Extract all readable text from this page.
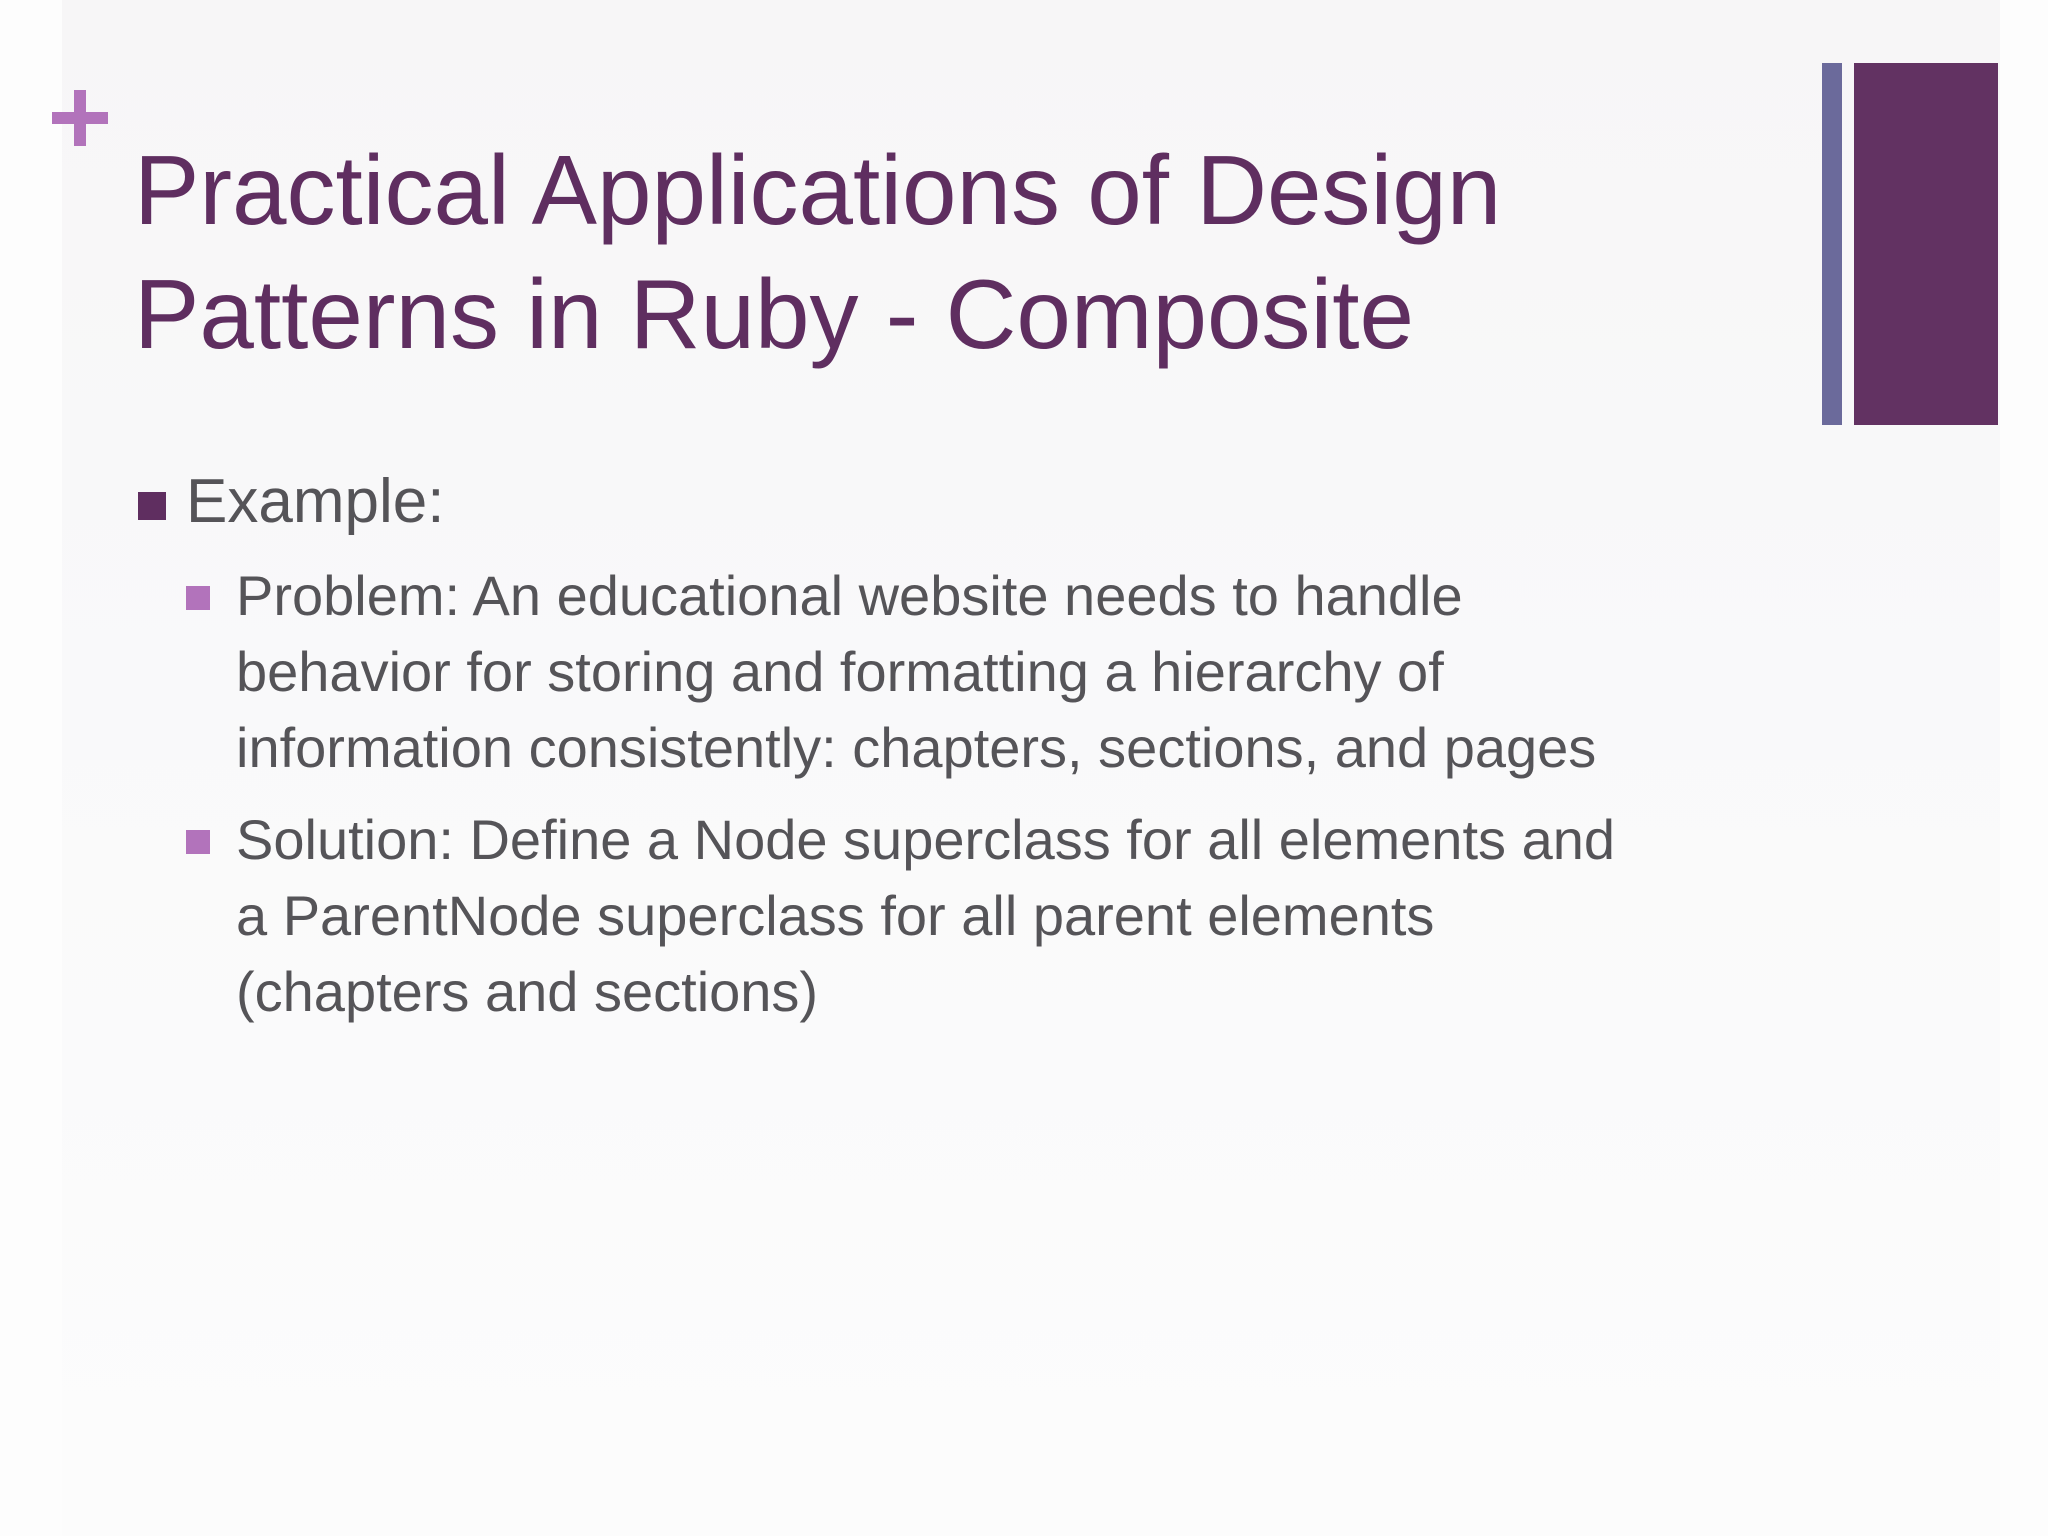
Practical Applications of Design
Patterns in Ruby - Composite
Example:
Problem: An educational website needs to handle
behavior for storing and formatting a hierarchy of
information consistently: chapters, sections, and pages
Solution: Define a Node superclass for all elements and
a ParentNode superclass for all parent elements
(chapters and sections)
